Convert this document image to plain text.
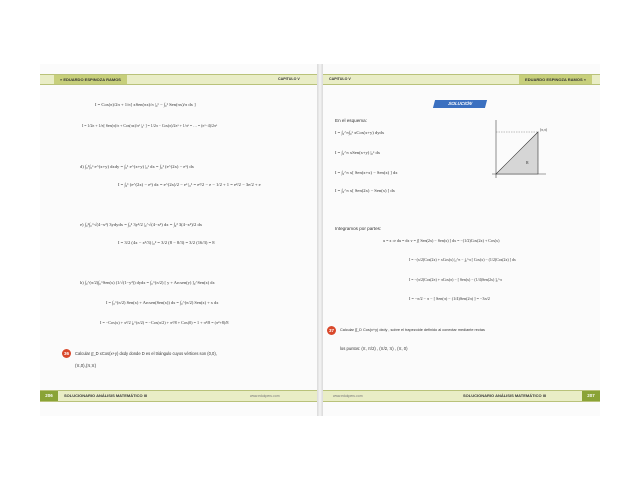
» EDUARDO ESPINOZA RAMOS	CAPITULO V
I = Cos(π)/2π + 1/π[ xSen(πx)/π |₀¹ − ∫₀¹ Sen(πx)/π dx ]
I = 1/2π + 1/π[ Sen(π)/π + Cos(πx)/π² |₀¹ ] = 1/2π − Cos(π)/2π³ + 1/π³ = … = (π²−4)/2π³
d) ∫₀¹∫₀ˣ e^(x+y) dxdy = ∫₀¹ e^(x+y) |₀ˣ dx = ∫₀¹ (e^(2x) − eˣ) dx
I = ∫₀¹ (e^(2x) − eˣ) dx = e^(2x)/2 − eˣ |₀¹ = e²/2 − e − 1/2 + 1 = e²/2 − 3e/2 + e
e) ∫₀²∫₀^√(4−x²) 3ydydx = ∫₀² 3y²/2 |₀^√(4−x²) dx = ∫₀² 3(4−x²)/2 dx
I = 3/2 (4x − x³/3) |₀² = 3/2 (8 − 8/3) = 3/2 (16/3) = 8
h) ∫₀^(π/2)∫₀^Sen(x) (1/√(1−y²)) dydx = ∫₀^(π/2) [ y + Arcsen(y) ]₀^Sen(x) dx
I = ∫₀^(π/2) Sen(x) + Arcsen(Sen(x)) dx = ∫₀^(π/2) Sen(x) + x dx
I = −Cos(x) + x²/2 |₀^(π/2) = −Cos(π/2) + π²/8 + Cos(0) = 1 + π²/8 = (π²+8)/8
36	Calcular ∫∫_D xCos(x+y) dxdy donde D es el triángulo cuyos vértices son (0,0),
(π,0),(π,π)
206	SOLUCIONARIO ANÁLISIS MATEMÁTICO III	www.edukperu.com
CAPITULO V	EDUARDO ESPINOZA RAMOS «
SOLUCIÓN
En el esquema:
I = ∫₀^π∫₀ˣ xCos(x+y) dydx
I = ∫₀^π xSen(x+y) |₀ˣ dx
I = ∫₀^π x[ Sen(x+x) − Sen(x) ] dx
I = ∫₀^π x[ Sen(2x) − Sen(x) ] dx
(π,π)
R
Integramos por partes:
u = x ⇒ du = dx v = ∫[ Sen(2x) − Sen(x) ] dx = −(1/2)Cos(2x) + Cos(x)
I = −(x/2)Cos(2x) + xCos(x) |₀^π − ∫₀^π [ Cos(x) − (1/2)Cos(2x) ] dx
I = −(π/2)Cos(2π) + πCos(π) − [ Sen(x) − (1/4)Sen(2x) ]₀^π
I = −π/2 − π − [ Sen(π) − (1/4)Sen(2π) ] = −3π/2
37	Calcular ∫∫_D Cos(x+y) dxdy , sobre el trapezoide definido al conectar mediante rectas
los puntos: (π, π/2) , (π/2, π) , (π, 0)
www.edukperu.com	SOLUCIONARIO ANÁLISIS MATEMÁTICO III	207
